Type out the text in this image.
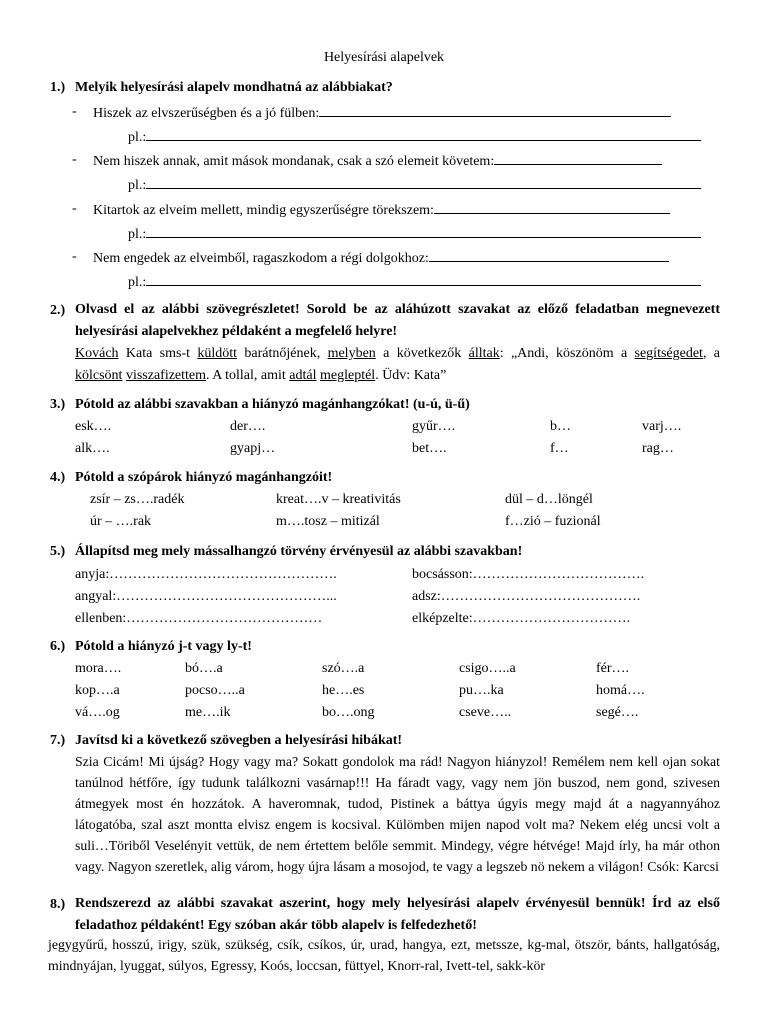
Helyesírási alapelvek
1.) Melyik helyesírási alapelv mondhatná az alábbiakat?
- Hiszek az elvszerűségben és a jó fülben:
pl.:
- Nem hiszek annak, amit mások mondanak, csak a szó elemeit követem:
pl.:
- Kitartok az elveim mellett, mindig egyszerűségre törekszem:
pl.:
- Nem engedek az elveimből, ragaszkodom a régi dolgokhoz:
pl.:
2.) Olvasd el az alábbi szövegrészletet! Sorold be az aláhúzott szavakat az előző feladatban megnevezett helyesírási alapelvekhez példaként a megfelelő helyre!
Kovách Kata sms-t küldött barátnőjének, melyben a következők álltak: „Andi, köszönöm a segítségedet, a kölcsönt visszafizettem. A tollal, amit adtál megleptél. Üdv: Kata”
3.) Pótold az alábbi szavakban a hiányzó magánhangzókat! (u-ú, ü-ű)
esk….	der….	gyűr….	b…	varj….
alk….	gyapj…	bet….	f…	rag…
4.) Pótold a szópárok hiányzó magánhangzóit!
zsír – zs….radék	kreat….v – kreativitás	dül – d…löngél
úr – ….rak	m….tosz – mitizál	f…zió – fuzionál
5.) Állapítsd meg mely mássalhangzó törvény érvényesül az alábbi szavakban!
anyja:………………………………………….	bocsásson:……………………………….
angyal:………………………………………...	adsz:…………………………………….
ellenben:……………………………………	elképzelte:…………………………….
6.) Pótold a hiányzó j-t vagy ly-t!
mora….	bó….a	szó….a	csigo…..a	fér….
kop….a	pocso…..a	he….es	pu….ka	homá….
vá….og	me….ik	bo….ong	cseve…..	segé….
7.) Javítsd ki a következő szövegben a helyesírási hibákat!
Szia Cicám! Mi újság? Hogy vagy ma? Sokatt gondolok ma rád! Nagyon hiányzol! Remélem nem kell ojan sokat tanúlnod hétfőre, így tudunk találkozni vasárnap!!! Ha fáradt vagy, vagy nem jön buszod, nem gond, szivesen átmegyek most én hozzátok. A haveromnak, tudod, Pistinek a báttya úgyis megy majd át a nagyannyához látogatóba, szal aszt montta elvisz engem is kocsival. Külömben mijen napod volt ma? Nekem elég uncsi volt a suli…Töriből Veselényit vettük, de nem értettem belőle semmit. Mindegy, végre hétvége! Majd írly, ha már othon vagy. Nagyon szeretlek, alig várom, hogy újra lásam a mosojod, te vagy a legszeb nö nekem a világon! Csók: Karcsi
8.) Rendszerezd az alábbi szavakat aszerint, hogy mely helyesírási alapelv érvényesül bennük! Írd az első feladathoz példaként! Egy szóban akár több alapelv is felfedezhető!
jegygyűrű, hosszú, irigy, szük, szükség, csík, csíkos, úr, urad, hangya, ezt, metssze, kg-mal, ötször, bánts, hallgatóság, mindnyájan, lyuggat, súlyos, Egressy, Koós, loccsan, füttyel, Knorr-ral, Ivett-tel, sakk-kör
